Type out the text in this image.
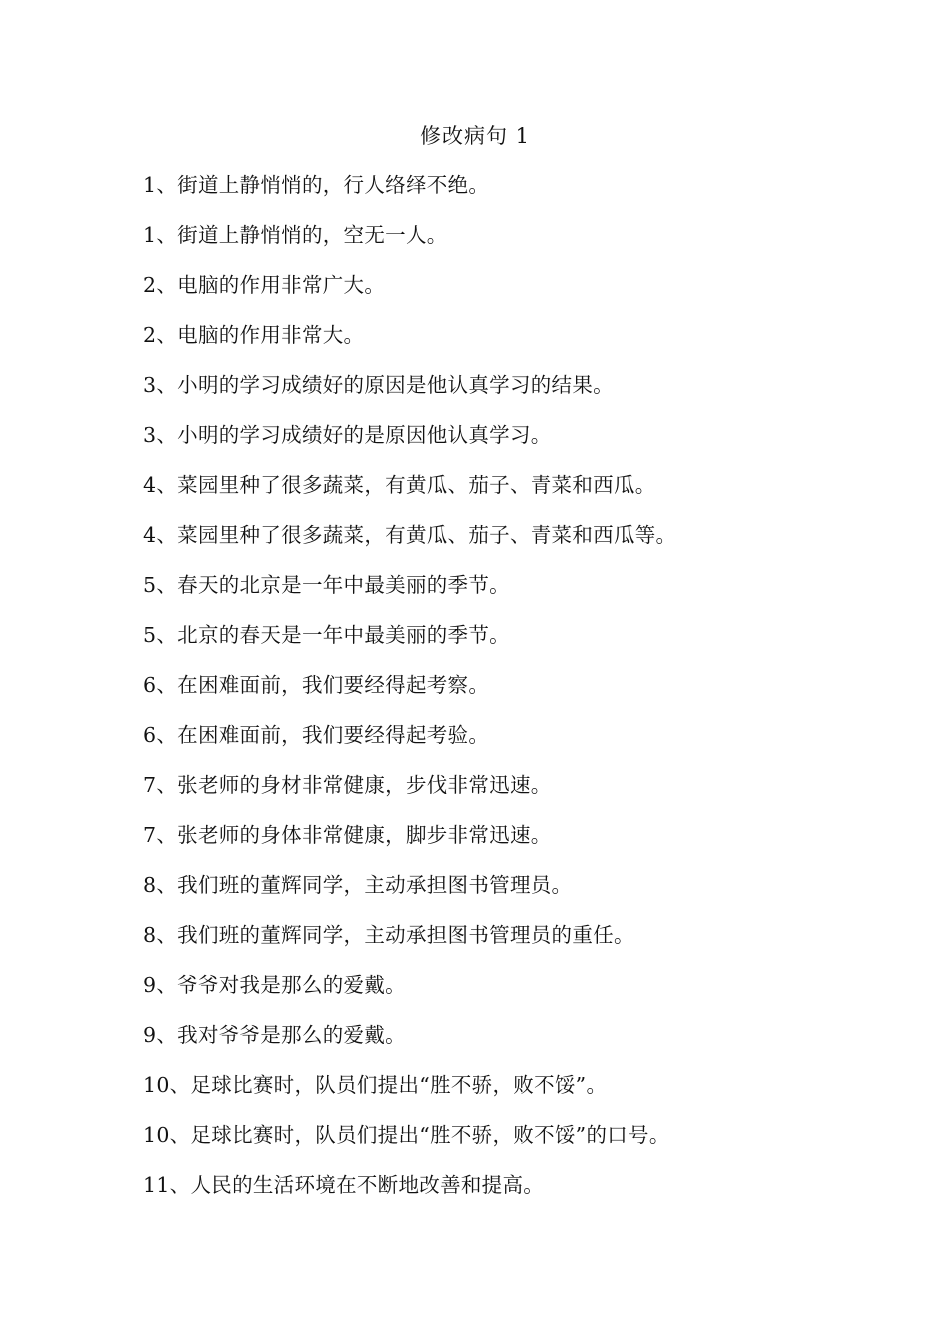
修改病句 1
1、街道上静悄悄的，行人络绎不绝。
1、街道上静悄悄的，空无一人。
2、电脑的作用非常广大。
2、电脑的作用非常大。
3、小明的学习成绩好的原因是他认真学习的结果。
3、小明的学习成绩好的是原因他认真学习。
4、菜园里种了很多蔬菜，有黄瓜、茄子、青菜和西瓜。
4、菜园里种了很多蔬菜，有黄瓜、茄子、青菜和西瓜等。
5、春天的北京是一年中最美丽的季节。
5、北京的春天是一年中最美丽的季节。
6、在困难面前，我们要经得起考察。
6、在困难面前，我们要经得起考验。
7、张老师的身材非常健康，步伐非常迅速。
7、张老师的身体非常健康，脚步非常迅速。
8、我们班的董辉同学，主动承担图书管理员。
8、我们班的董辉同学，主动承担图书管理员的重任。
9、爷爷对我是那么的爱戴。
9、我对爷爷是那么的爱戴。
10、足球比赛时，队员们提出“胜不骄，败不馁”。
10、足球比赛时，队员们提出“胜不骄，败不馁”的口号。
11、人民的生活环境在不断地改善和提高。
